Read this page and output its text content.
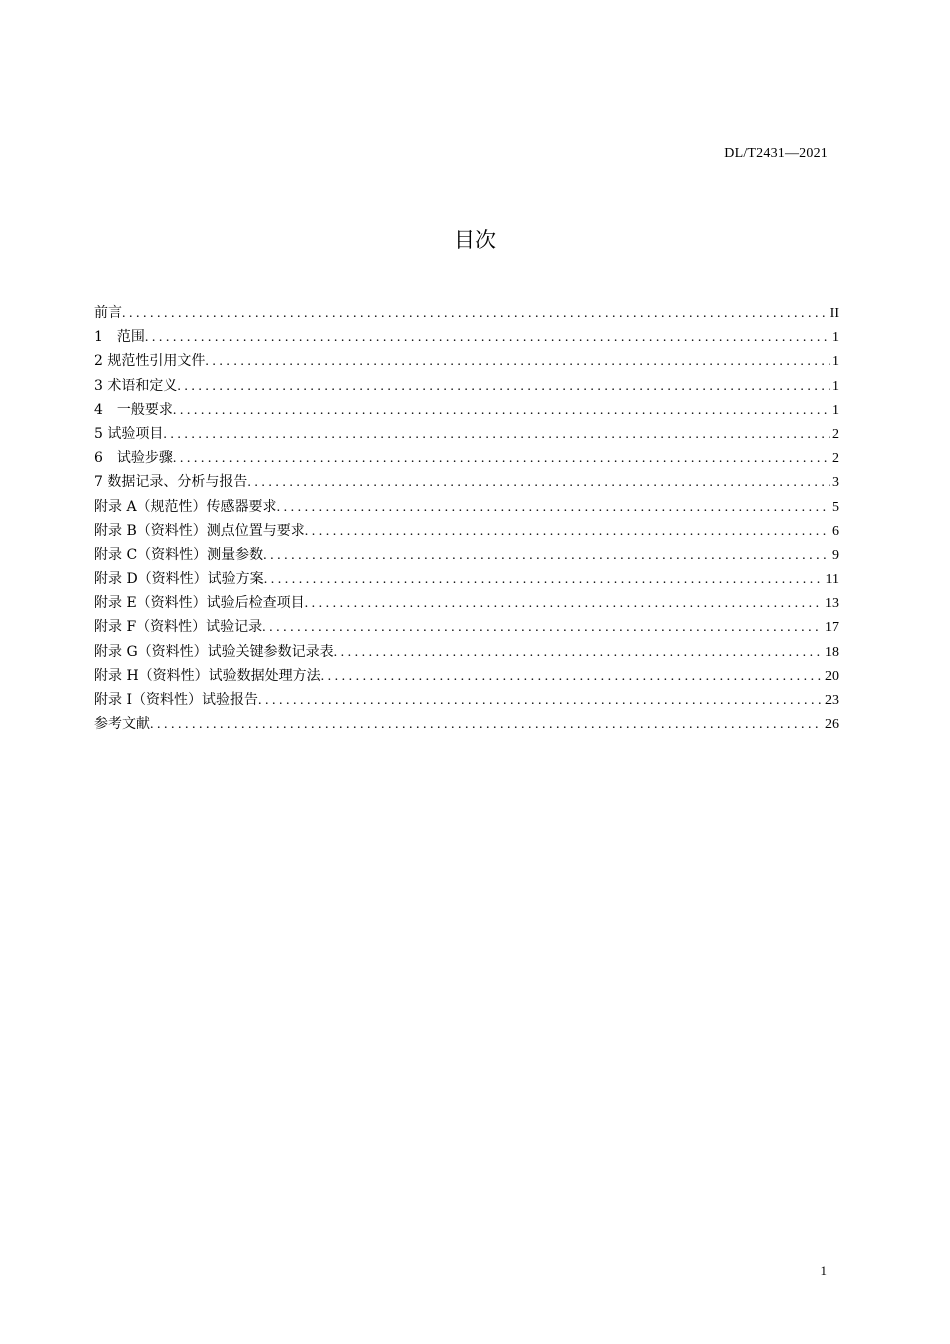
DL/T2431—2021
目次
前言 . . .	II
1　范围 . . .	1
2 规范性引用文件 . . .	1
3 术语和定义 . . .	1
4　一般要求 . . .	1
5 试验项目 . . .	2
6　试验步骤 . . .	2
7 数据记录、分析与报告 . . .	3
附录 A（规范性）传感器要求 . . .	5
附录 B（资料性）测点位置与要求 . . .	6
附录 C（资料性）测量参数 . . .	9
附录 D（资料性）试验方案 . . .	11
附录 E（资料性）试验后检查项目 . . .	13
附录 F（资料性）试验记录 . . .	17
附录 G（资料性）试验关键参数记录表 . . .	18
附录 H（资料性）试验数据处理方法 . . .	20
附录 I（资料性）试验报告 . . .	23
参考文献 . . .	26
1
